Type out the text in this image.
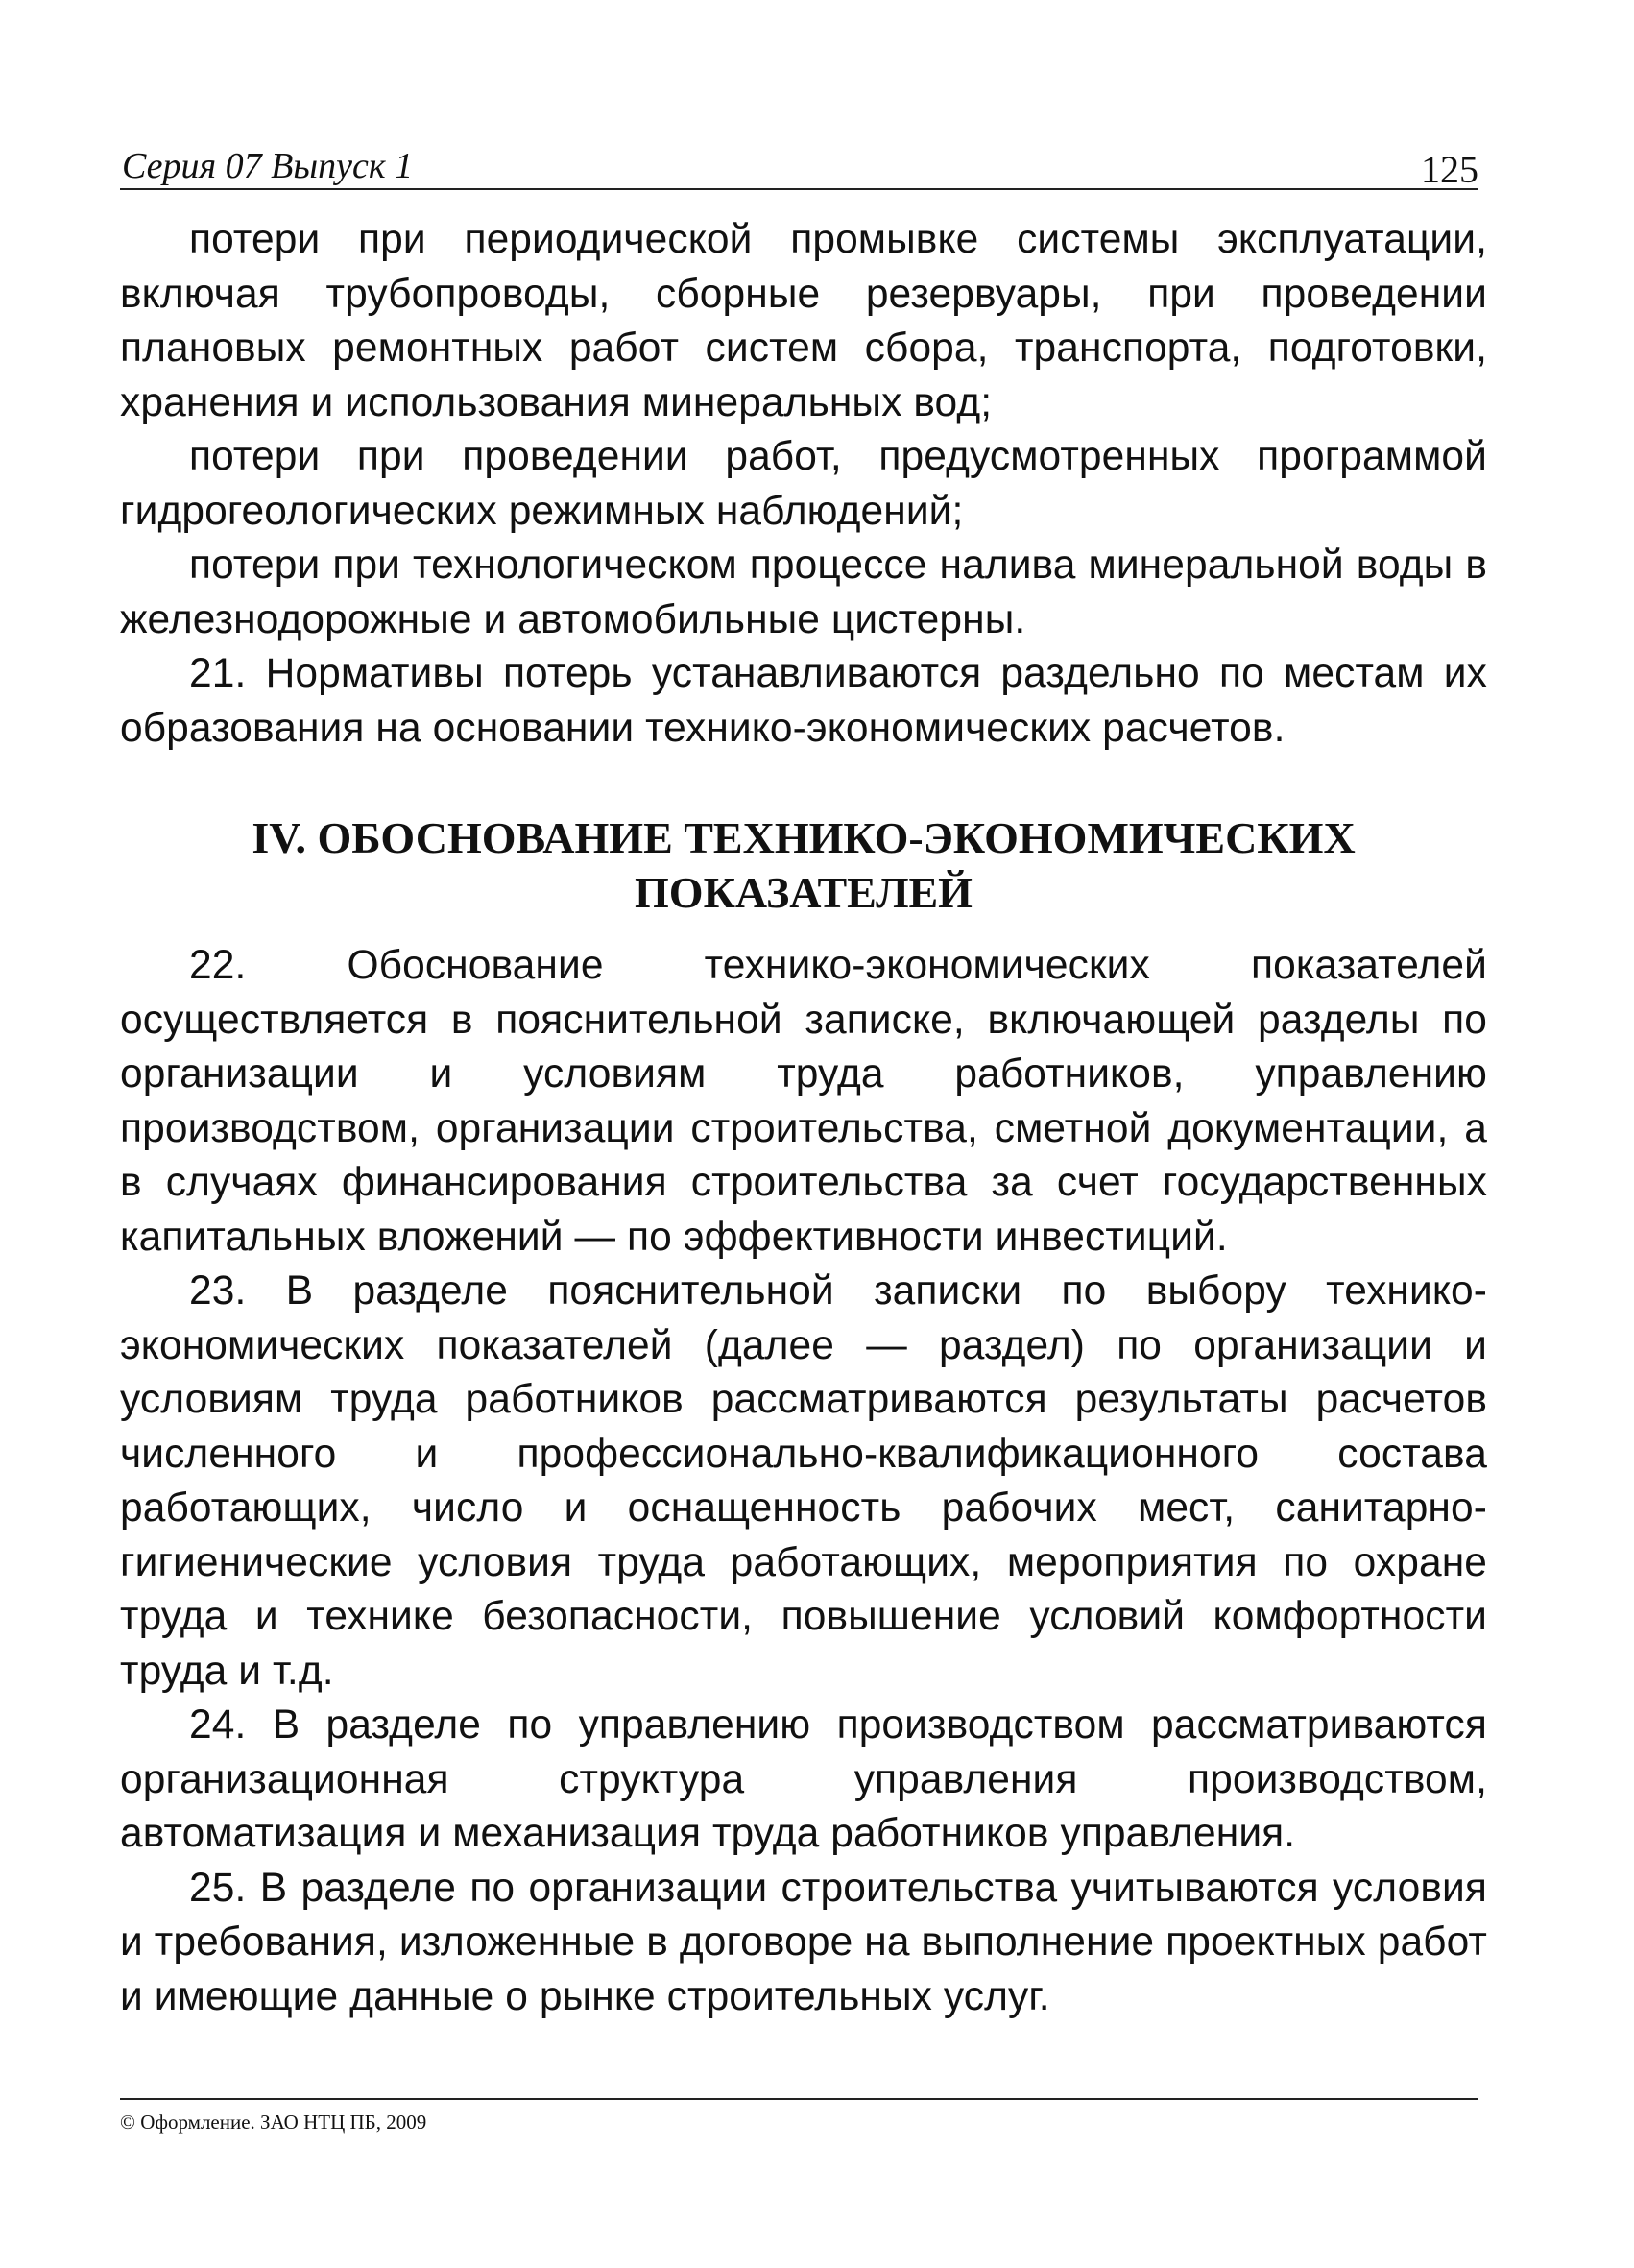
Серия 07 Выпуск 1	125

потери при периодической промывке системы эксплуатации, включая трубопроводы, сборные резервуары, при проведении плановых ремонтных работ систем сбора, транспорта, подготовки, хранения и использования минеральных вод;

потери при проведении работ, предусмотренных программой гидрогеологических режимных наблюдений;

потери при технологическом процессе налива минеральной воды в железнодорожные и автомобильные цистерны.

21. Нормативы потерь устанавливаются раздельно по местам их образования на основании технико-экономических расчетов.

IV. ОБОСНОВАНИЕ ТЕХНИКО-ЭКОНОМИЧЕСКИХ
ПОКАЗАТЕЛЕЙ

22. Обоснование технико-экономических показателей осуществляется в пояснительной записке, включающей разделы по организации и условиям труда работников, управлению производством, организации строительства, сметной документации, а в случаях финансирования строительства за счет государственных капитальных вложений — по эффективности инвестиций.

23. В разделе пояснительной записки по выбору технико-экономических показателей (далее — раздел) по организации и условиям труда работников рассматриваются результаты расчетов численного и профессионально-квалификационного состава работающих, число и оснащенность рабочих мест, санитарно-гигиенические условия труда работающих, мероприятия по охране труда и технике безопасности, повышение условий комфортности труда и т.д.

24. В разделе по управлению производством рассматриваются организационная структура управления производством, автоматизация и механизация труда работников управления.

25. В разделе по организации строительства учитываются условия и требования, изложенные в договоре на выполнение проектных работ и имеющие данные о рынке строительных услуг.

© Оформление. ЗАО НТЦ ПБ, 2009
